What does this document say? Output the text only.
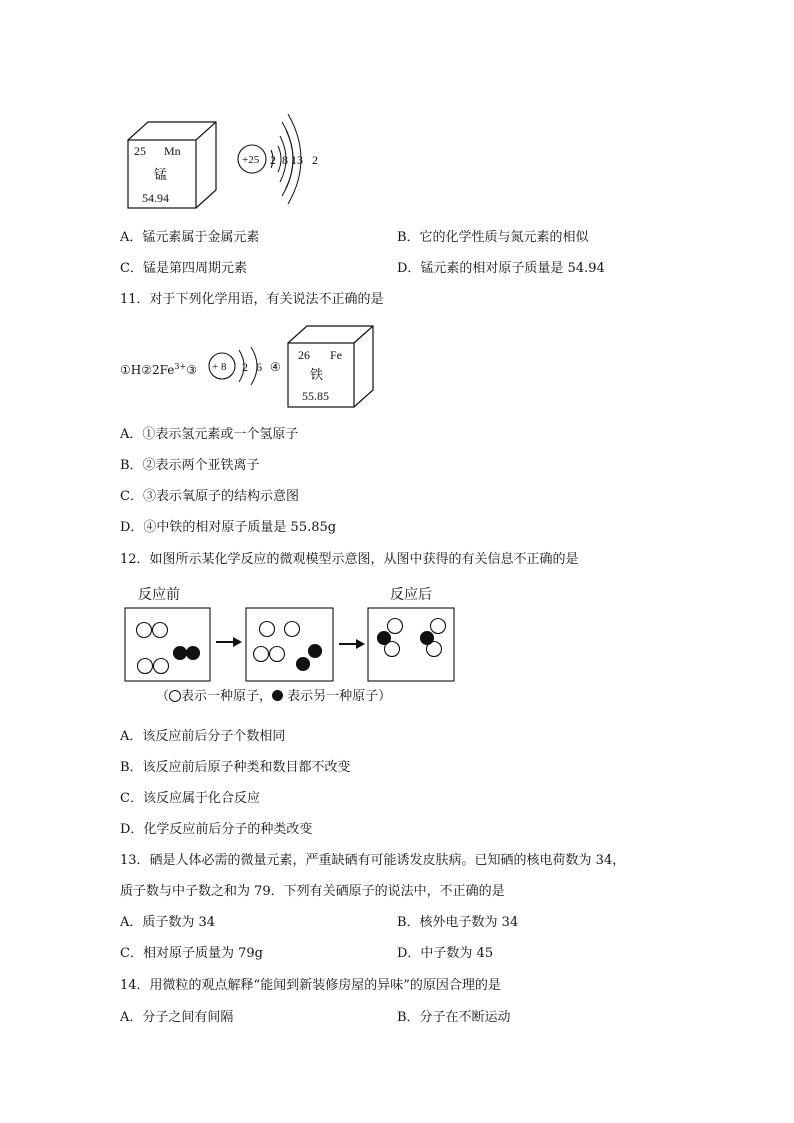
25 Mn
锰
54.94
+25 2 8 13 2
A．锰元素属于金属元素	B．它的化学性质与氮元素的相似
C．锰是第四周期元素	D．锰元素的相对原子质量是 54.94
11．对于下列化学用语，有关说法不正确的是
$①H②2Fe^{3+}③ + 8$ 2 6 ④
26 Fe
铁
55.85
A．①表示氢元素或一个氢原子
B．②表示两个亚铁离子
C．③表示氧原子的结构示意图
D．④中铁的相对原子质量是 55.85g
12．如图所示某化学反应的微观模型示意图，从图中获得的有关信息不正确的是
反应前	反应后
（ 表示一种原子， 表示另一种原子）
A．该反应前后分子个数相同
B．该反应前后原子种类和数目都不改变
C．该反应属于化合反应
D．化学反应前后分子的种类改变
13．硒是人体必需的微量元素，严重缺硒有可能诱发皮肤病。已知硒的核电荷数为 34，
质子数与中子数之和为 79．下列有关硒原子的说法中，不正确的是
A．质子数为 34	B．核外电子数为 34
C．相对原子质量为 79g	D．中子数为 45
14．用微粒的观点解释“能闻到新装修房屋的异味”的原因合理的是
A．分子之间有间隔	B．分子在不断运动
